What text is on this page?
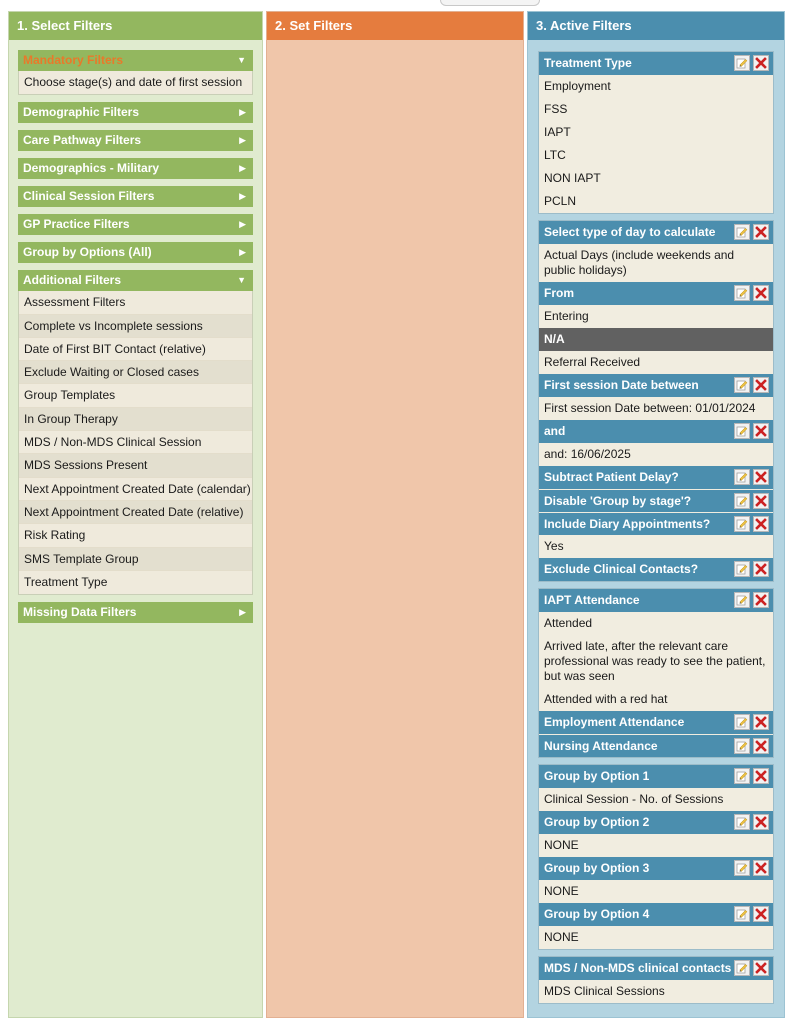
1. Select Filters
Mandatory Filters	▼
Choose stage(s) and date of first session
Demographic Filters	▶
Care Pathway Filters	▶
Demographics - Military	▶
Clinical Session Filters	▶
GP Practice Filters	▶
Group by Options (All)	▶
Additional Filters	▼
Assessment Filters
Complete vs Incomplete sessions
Date of First BIT Contact (relative)
Exclude Waiting or Closed cases
Group Templates
In Group Therapy
MDS / Non-MDS Clinical Session
MDS Sessions Present
Next Appointment Created Date (calendar)
Next Appointment Created Date (relative)
Risk Rating
SMS Template Group
Treatment Type
Missing Data Filters	▶
2. Set Filters	3. Active Filters
Treatment Type
Employment
FSS
IAPT
LTC
NON IAPT
PCLN
Select type of day to calculate
Actual Days (include weekends and public holidays)
From
Entering
N/A
Referral Received
First session Date between
First session Date between: 01/01/2024
and
and: 16/06/2025
Subtract Patient Delay?
Disable 'Group by stage'?
Include Diary Appointments?
Yes
Exclude Clinical Contacts?
IAPT Attendance
Attended
Arrived late, after the relevant care professional was ready to see the patient, but was seen
Attended with a red hat
Employment Attendance
Nursing Attendance
Group by Option 1
Clinical Session - No. of Sessions
Group by Option 2
NONE
Group by Option 3
NONE
Group by Option 4
NONE
MDS / Non-MDS clinical contacts
MDS Clinical Sessions
